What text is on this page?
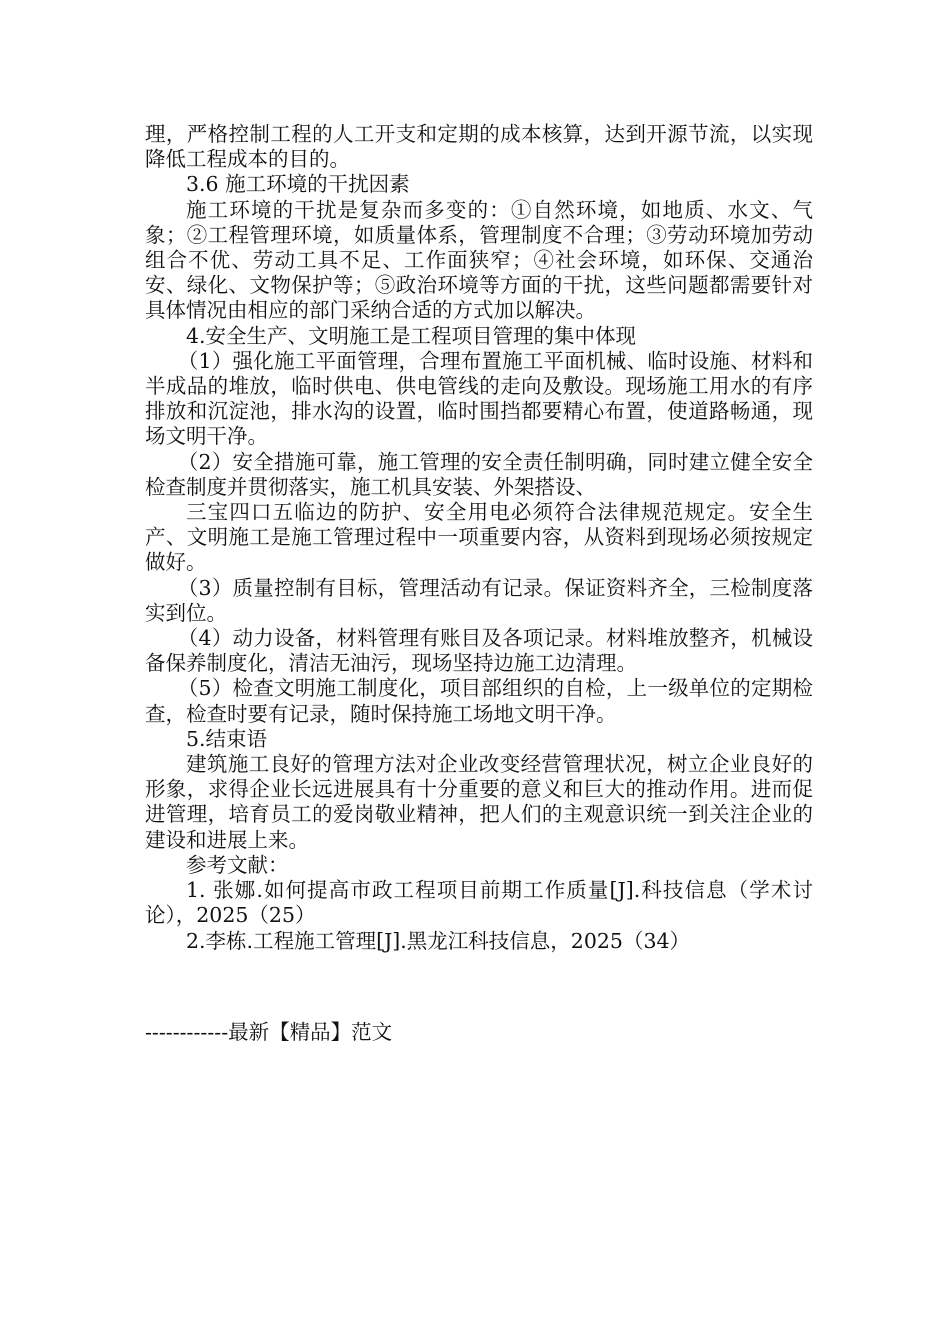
理，严格控制工程的人工开支和定期的成本核算，达到开源节流，以实现降低工程成本的目的。

3.6 施工环境的干扰因素

施工环境的干扰是复杂而多变的：①自然环境，如地质、水文、气象；②工程管理环境，如质量体系，管理制度不合理；③劳动环境加劳动组合不优、劳动工具不足、工作面狭窄；④社会环境，如环保、交通治安、绿化、文物保护等；⑤政治环境等方面的干扰，这些问题都需要针对具体情况由相应的部门采纳合适的方式加以解决。

4.安全生产、文明施工是工程项目管理的集中体现

（1）强化施工平面管理，合理布置施工平面机械、临时设施、材料和半成品的堆放，临时供电、供电管线的走向及敷设。现场施工用水的有序排放和沉淀池，排水沟的设置，临时围挡都要精心布置，使道路畅通，现场文明干净。

（2）安全措施可靠，施工管理的安全责任制明确，同时建立健全安全检查制度并贯彻落实，施工机具安装、外架搭设、

三宝四口五临边的防护、安全用电必须符合法律规范规定。安全生产、文明施工是施工管理过程中一项重要内容，从资料到现场必须按规定做好。

（3）质量控制有目标，管理活动有记录。保证资料齐全，三检制度落实到位。

（4）动力设备，材料管理有账目及各项记录。材料堆放整齐，机械设备保养制度化，清洁无油污，现场坚持边施工边清理。

（5）检查文明施工制度化，项目部组织的自检，上一级单位的定期检查，检查时要有记录，随时保持施工场地文明干净。

5.结束语

建筑施工良好的管理方法对企业改变经营管理状况，树立企业良好的形象，求得企业长远进展具有十分重要的意义和巨大的推动作用。进而促进管理，培育员工的爱岗敬业精神，把人们的主观意识统一到关注企业的建设和进展上来。

参考文献：

1. 张娜.如何提高市政工程项目前期工作质量[J].科技信息（学术讨论），2025（25）

2.李栋.工程施工管理[J].黑龙江科技信息，2025（34）

------------最新【精品】范文
